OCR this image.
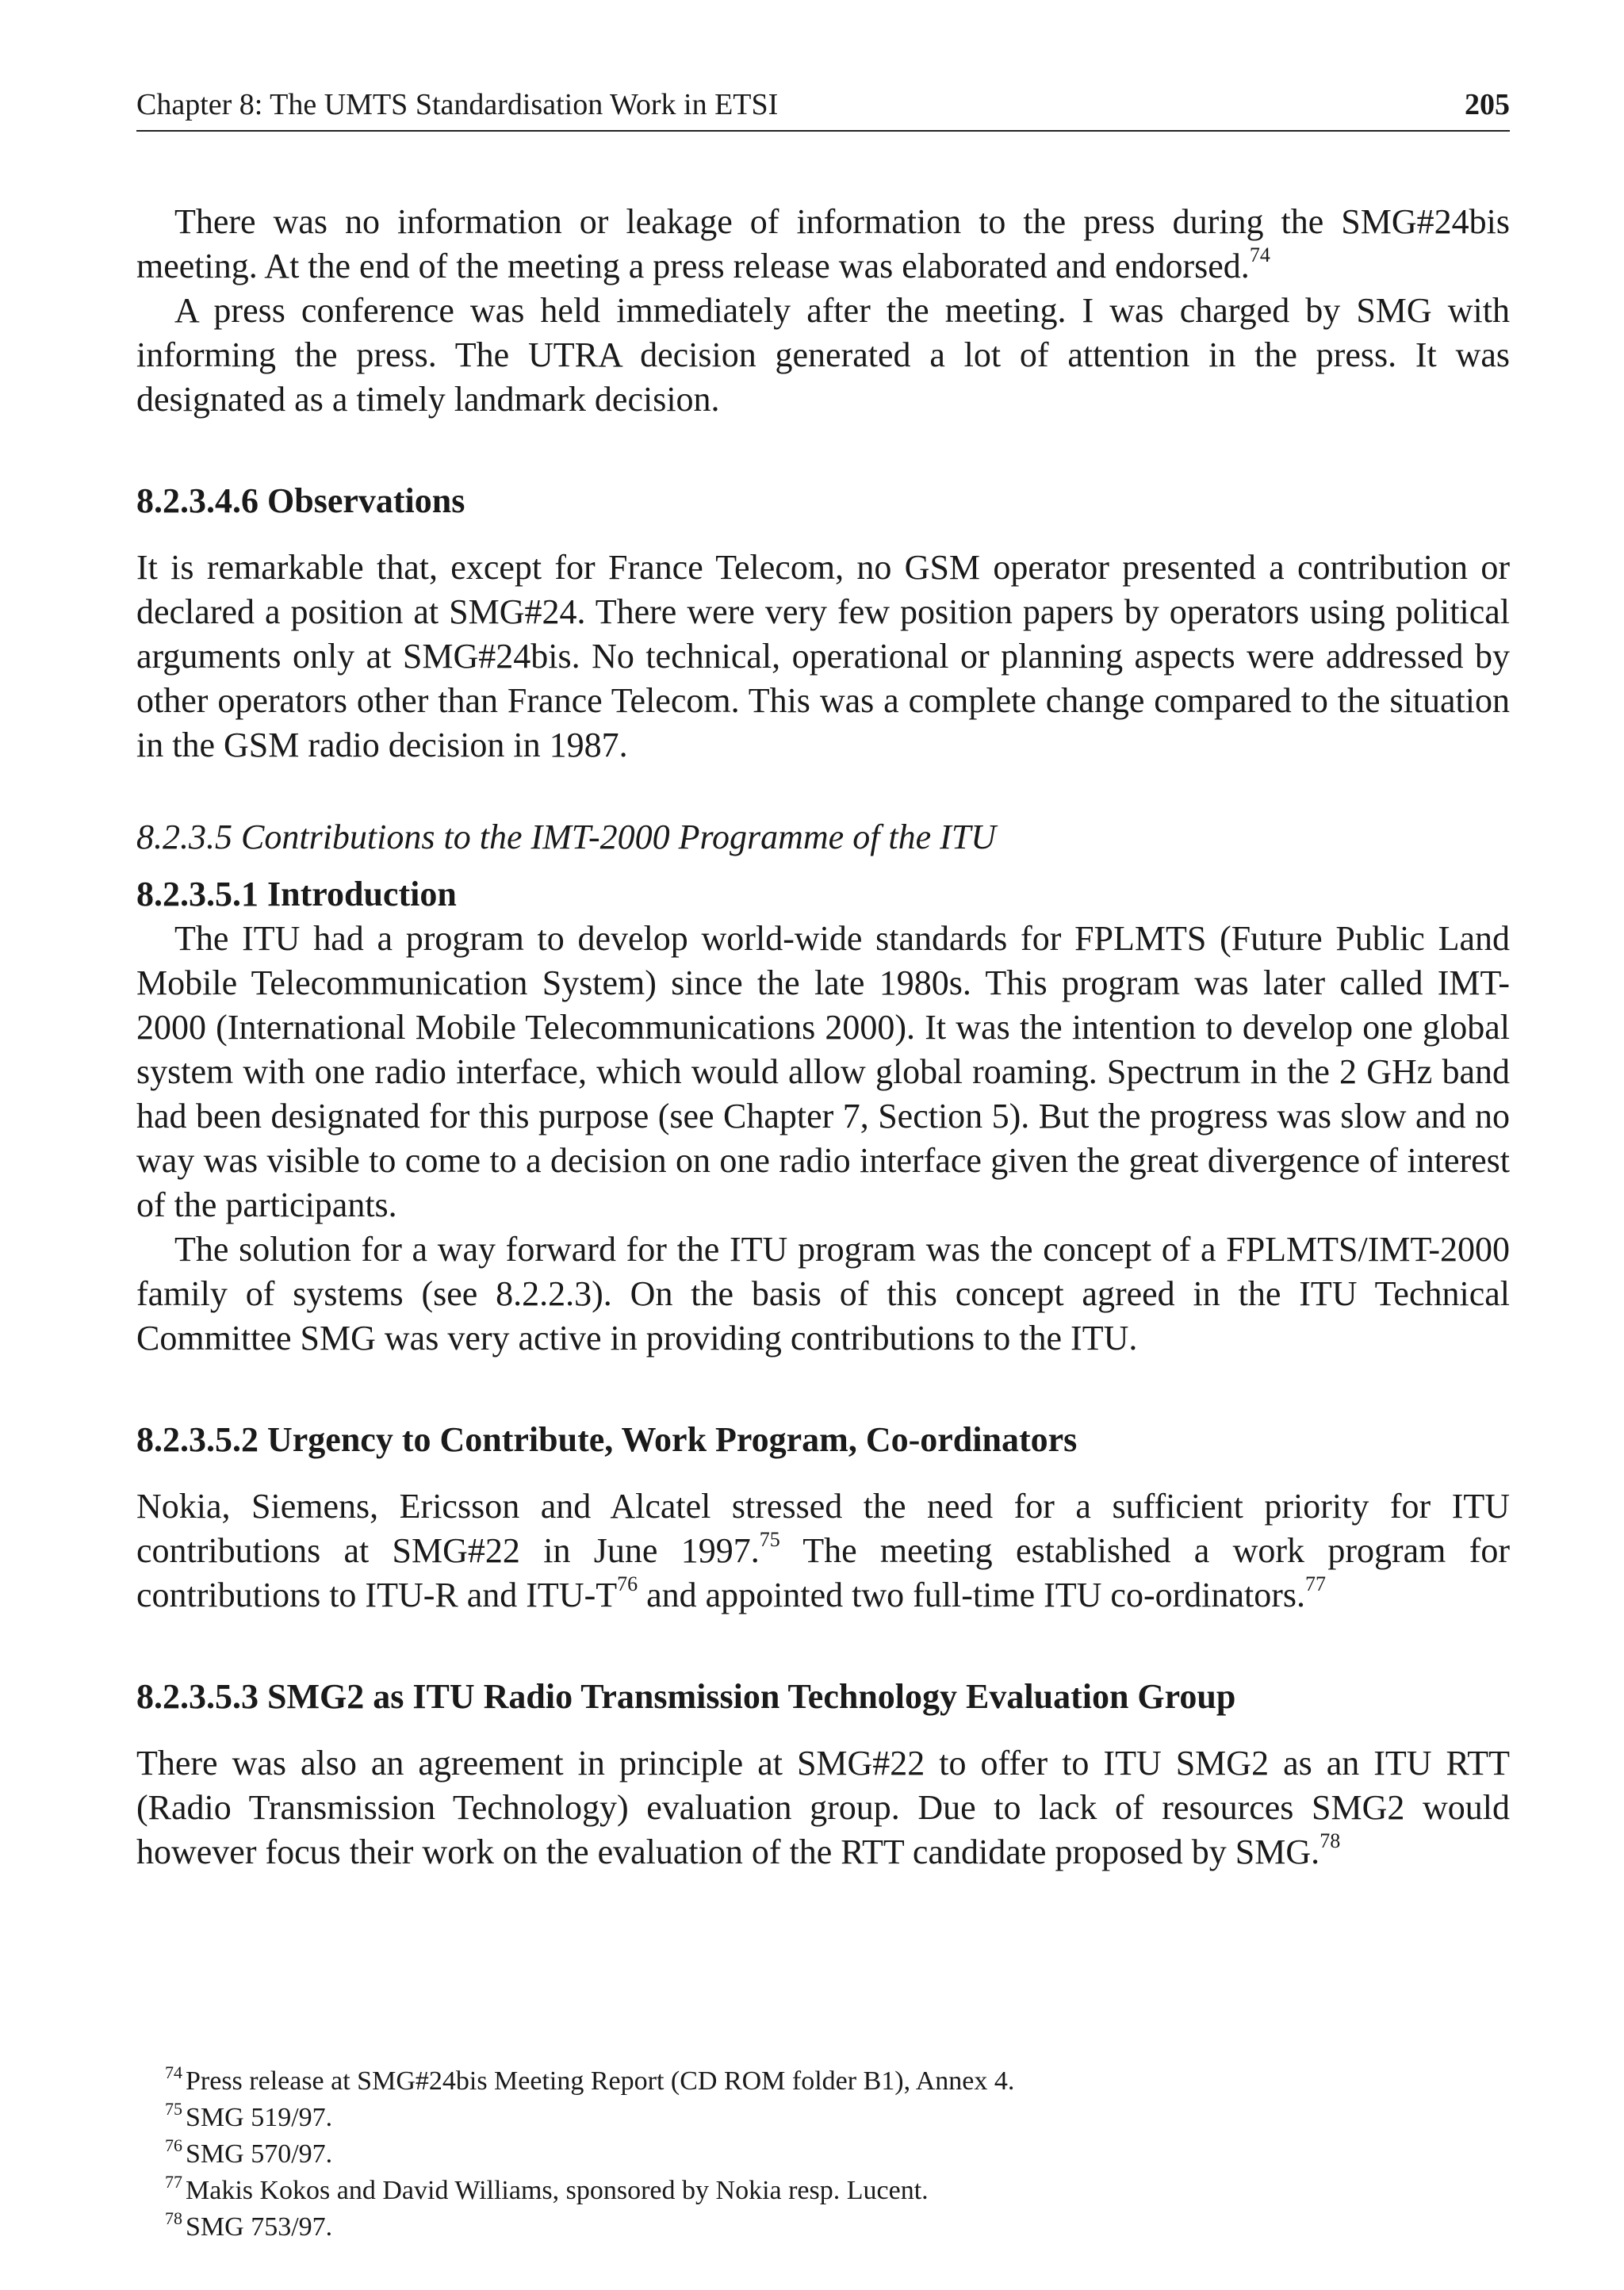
Chapter 8: The UMTS Standardisation Work in ETSI	205

There was no information or leakage of information to the press during the SMG#24bis meeting. At the end of the meeting a press release was elaborated and endorsed.$^{74}$

A press conference was held immediately after the meeting. I was charged by SMG with informing the press. The UTRA decision generated a lot of attention in the press. It was designated as a timely landmark decision.

8.2.3.4.6 Observations

It is remarkable that, except for France Telecom, no GSM operator presented a contribution or declared a position at SMG#24. There were very few position papers by operators using political arguments only at SMG#24bis. No technical, operational or planning aspects were addressed by other operators other than France Telecom. This was a complete change compared to the situation in the GSM radio decision in 1987.

8.2.3.5 Contributions to the IMT-2000 Programme of the ITU
8.2.3.5.1 Introduction

The ITU had a program to develop world-wide standards for FPLMTS (Future Public Land Mobile Telecommunication System) since the late 1980s. This program was later called IMT-2000 (International Mobile Telecommunications 2000). It was the intention to develop one global system with one radio interface, which would allow global roaming. Spectrum in the 2 GHz band had been designated for this purpose (see Chapter 7, Section 5). But the progress was slow and no way was visible to come to a decision on one radio interface given the great divergence of interest of the participants.

The solution for a way forward for the ITU program was the concept of a FPLMTS/IMT-2000 family of systems (see 8.2.2.3). On the basis of this concept agreed in the ITU Technical Committee SMG was very active in providing contributions to the ITU.

8.2.3.5.2 Urgency to Contribute, Work Program, Co-ordinators

Nokia, Siemens, Ericsson and Alcatel stressed the need for a sufficient priority for ITU contributions at SMG#22 in June 1997.75 The meeting established a work program for contributions to ITU-R and ITU-$T^{76}$ and appointed two full-time ITU co-ordinators.$^{77}$

8.2.3.5.3 SMG2 as ITU Radio Transmission Technology Evaluation Group

There was also an agreement in principle at SMG#22 to offer to ITU SMG2 as an ITU RTT (Radio Transmission Technology) evaluation group. Due to lack of resources SMG2 would however focus their work on the evaluation of the RTT candidate proposed by SMG.$^{78}$

$^{74}$ Press release at SMG#24bis Meeting Report (CD ROM folder B1), Annex 4.
$^{75}$ SMG 519/97.
$^{76}$ SMG 570/97.
$^{77}$ Makis Kokos and David Williams, sponsored by Nokia resp. Lucent.
$^{78}$ SMG 753/97.
